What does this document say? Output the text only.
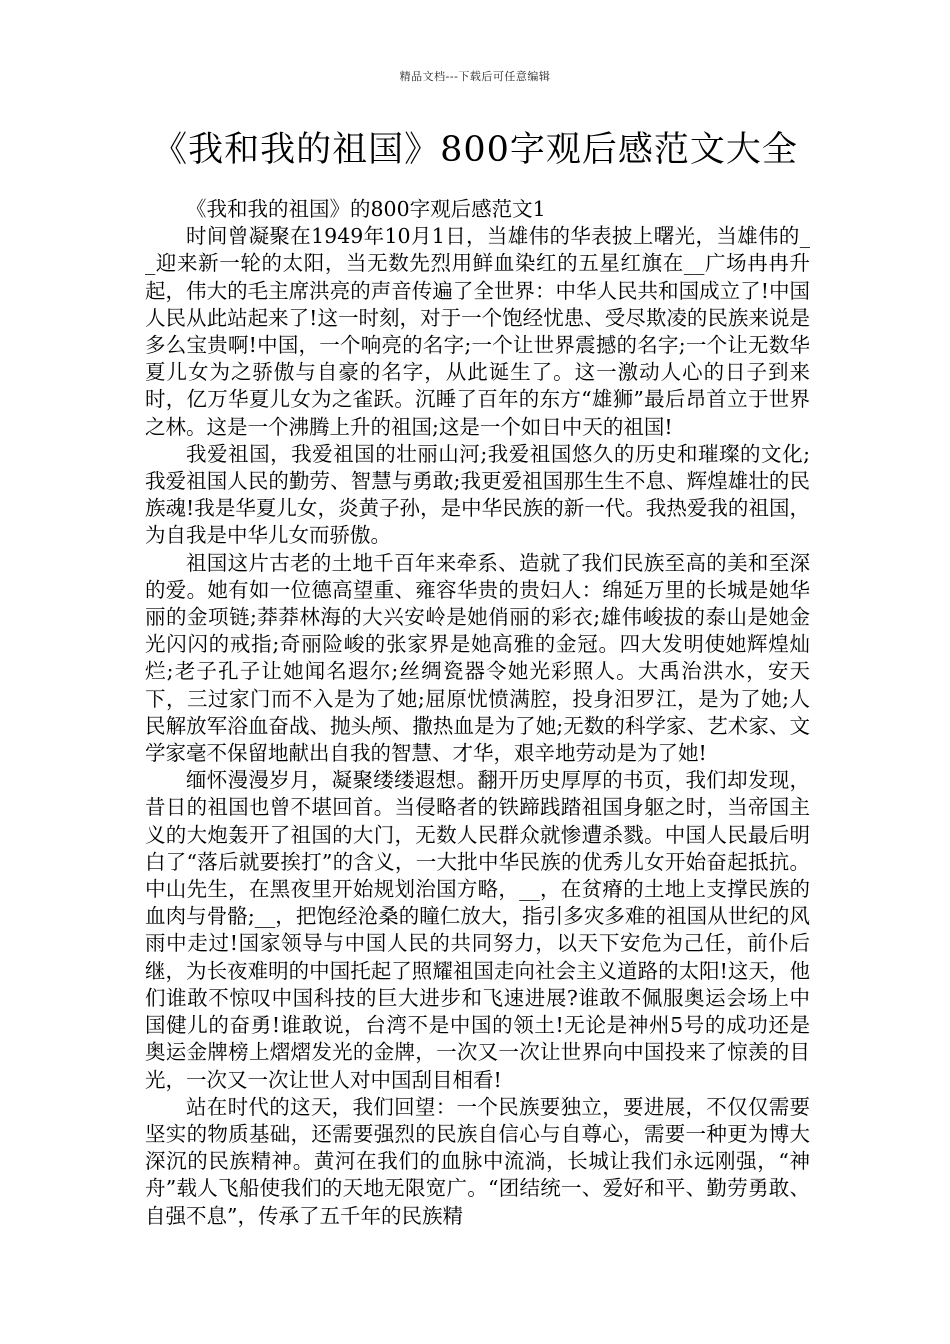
精品文档---下载后可任意编辑
《我和我的祖国》800字观后感范文大全

《我和我的祖国》的800字观后感范文1

时间曾凝聚在1949年10月1日，当雄伟的华表披上曙光，当雄伟的__迎来新一轮的太阳，当无数先烈用鲜血染红的五星红旗在__广场冉冉升起，伟大的毛主席洪亮的声音传遍了全世界：中华人民共和国成立了!中国人民从此站起来了!这一时刻，对于一个饱经忧患、受尽欺凌的民族来说是多么宝贵啊!中国，一个响亮的名字;一个让世界震撼的名字;一个让无数华夏儿女为之骄傲与自豪的名字，从此诞生了。这一激动人心的日子到来时，亿万华夏儿女为之雀跃。沉睡了百年的东方“雄狮”最后昂首立于世界之林。这是一个沸腾上升的祖国;这是一个如日中天的祖国!

我爱祖国，我爱祖国的壮丽山河;我爱祖国悠久的历史和璀璨的文化;我爱祖国人民的勤劳、智慧与勇敢;我更爱祖国那生生不息、辉煌雄壮的民族魂!我是华夏儿女，炎黄子孙，是中华民族的新一代。我热爱我的祖国，为自我是中华儿女而骄傲。

祖国这片古老的土地千百年来牵系、造就了我们民族至高的美和至深的爱。她有如一位德高望重、雍容华贵的贵妇人：绵延万里的长城是她华丽的金项链;莽莽林海的大兴安岭是她俏丽的彩衣;雄伟峻拔的泰山是她金光闪闪的戒指;奇丽险峻的张家界是她高雅的金冠。四大发明使她辉煌灿烂;老子孔子让她闻名遐尔;丝绸瓷器令她光彩照人。大禹治洪水，安天下，三过家门而不入是为了她;屈原忧愤满腔，投身汨罗江，是为了她;人民解放军浴血奋战、抛头颅、撒热血是为了她;无数的科学家、艺术家、文学家毫不保留地献出自我的智慧、才华，艰辛地劳动是为了她!

缅怀漫漫岁月，凝聚缕缕遐想。翻开历史厚厚的书页，我们却发现，昔日的祖国也曾不堪回首。当侵略者的铁蹄践踏祖国身躯之时，当帝国主义的大炮轰开了祖国的大门，无数人民群众就惨遭杀戮。中国人民最后明白了“落后就要挨打”的含义，一大批中华民族的优秀儿女开始奋起抵抗。中山先生，在黑夜里开始规划治国方略，__，在贫瘠的土地上支撑民族的血肉与骨骼;__，把饱经沧桑的瞳仁放大，指引多灾多难的祖国从世纪的风雨中走过!国家领导与中国人民的共同努力，以天下安危为己任，前仆后继，为长夜难明的中国托起了照耀祖国走向社会主义道路的太阳!这天，他们谁敢不惊叹中国科技的巨大进步和飞速进展?谁敢不佩服奥运会场上中国健儿的奋勇!谁敢说，台湾不是中国的领土!无论是神州5号的成功还是奥运金牌榜上熠熠发光的金牌，一次又一次让世界向中国投来了惊羡的目光，一次又一次让世人对中国刮目相看!

站在时代的这天，我们回望：一个民族要独立，要进展，不仅仅需要坚实的物质基础，还需要强烈的民族自信心与自尊心，需要一种更为博大深沉的民族精神。黄河在我们的血脉中流淌，长城让我们永远刚强，“神舟”载人飞船使我们的天地无限宽广。“团结统一、爱好和平、勤劳勇敢、自强不息”，传承了五千年的民族精
